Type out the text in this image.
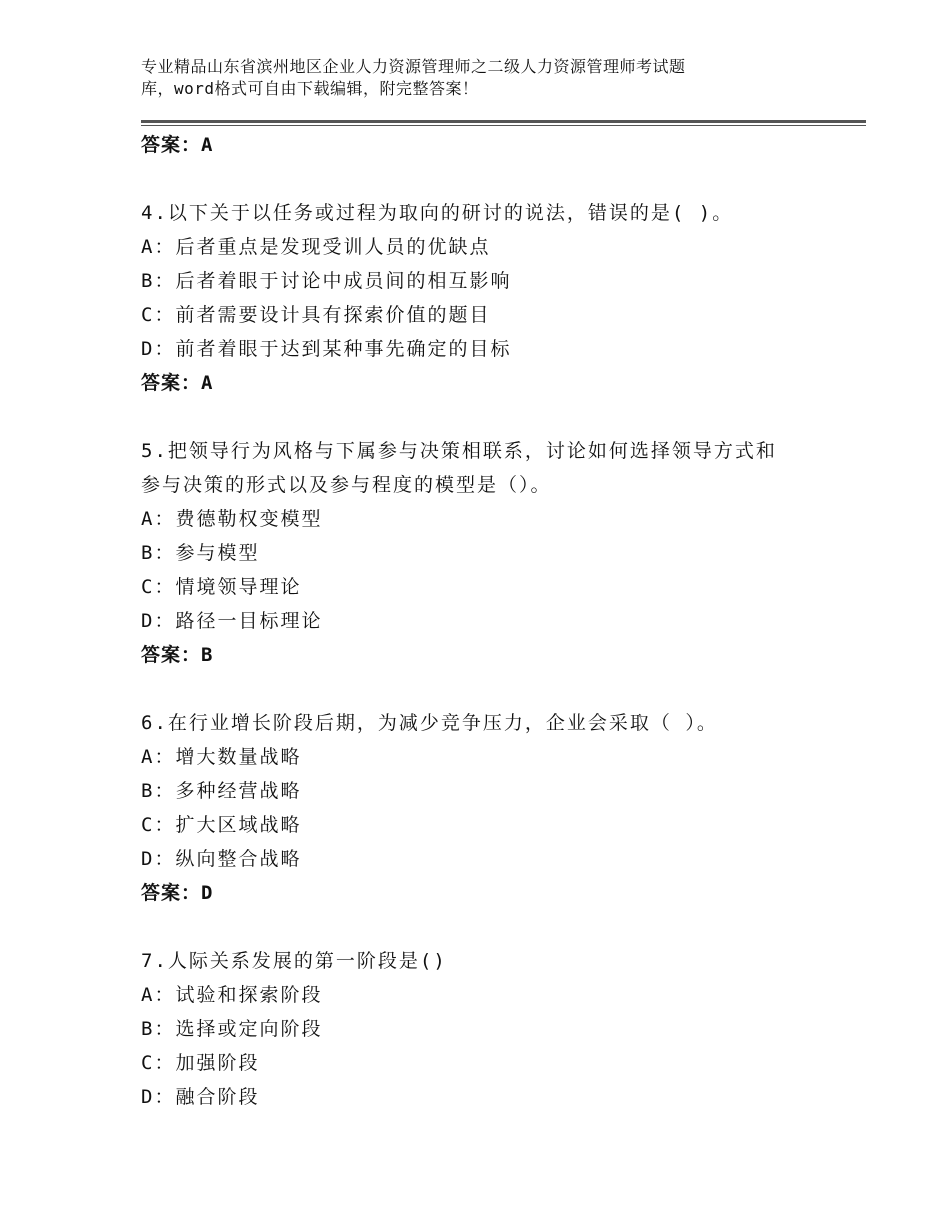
专业精品山东省滨州地区企业人力资源管理师之二级人力资源管理师考试题
库，word格式可自由下载编辑，附完整答案！
答案：A
4.以下关于以任务或过程为取向的研讨的说法，错误的是( )。
A：后者重点是发现受训人员的优缺点
B：后者着眼于讨论中成员间的相互影响
C：前者需要设计具有探索价值的题目
D：前者着眼于达到某种事先确定的目标
答案：A
5.把领导行为风格与下属参与决策相联系，讨论如何选择领导方式和
参与决策的形式以及参与程度的模型是（）。
A：费德勒权变模型
B：参与模型
C：情境领导理论
D：路径一目标理论
答案：B
6.在行业增长阶段后期，为减少竞争压力，企业会采取（ ）。
A：增大数量战略
B：多种经营战略
C：扩大区域战略
D：纵向整合战略
答案：D
7.人际关系发展的第一阶段是()
A：试验和探索阶段
B：选择或定向阶段
C：加强阶段
D：融合阶段
